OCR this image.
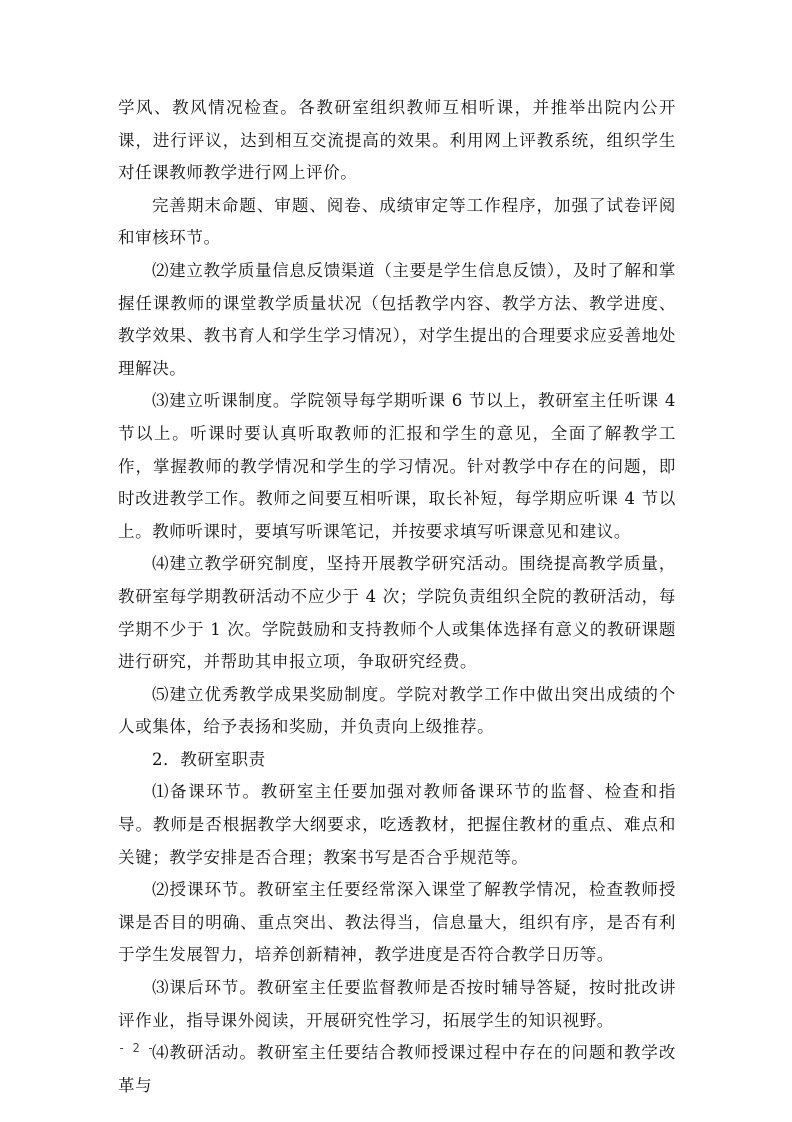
学风、教风情况检查。各教研室组织教师互相听课，并推举出院内公开课，进行评议，达到相互交流提高的效果。利用网上评教系统，组织学生对任课教师教学进行网上评价。

完善期末命题、审题、阅卷、成绩审定等工作程序，加强了试卷评阅和审核环节。

⑵建立教学质量信息反馈渠道（主要是学生信息反馈），及时了解和掌握任课教师的课堂教学质量状况（包括教学内容、教学方法、教学进度、教学效果、教书育人和学生学习情况），对学生提出的合理要求应妥善地处理解决。

⑶建立听课制度。学院领导每学期听课 6 节以上，教研室主任听课 4 节以上。听课时要认真听取教师的汇报和学生的意见，全面了解教学工作，掌握教师的教学情况和学生的学习情况。针对教学中存在的问题，即时改进教学工作。教师之间要互相听课，取长补短，每学期应听课 4 节以上。教师听课时，要填写听课笔记，并按要求填写听课意见和建议。

⑷建立教学研究制度，坚持开展教学研究活动。围绕提高教学质量，教研室每学期教研活动不应少于 4 次；学院负责组织全院的教研活动，每学期不少于 1 次。学院鼓励和支持教师个人或集体选择有意义的教研课题进行研究，并帮助其申报立项，争取研究经费。

⑸建立优秀教学成果奖励制度。学院对教学工作中做出突出成绩的个人或集体，给予表扬和奖励，并负责向上级推荐。

2．教研室职责

⑴备课环节。教研室主任要加强对教师备课环节的监督、检查和指导。教师是否根据教学大纲要求，吃透教材，把握住教材的重点、难点和关键；教学安排是否合理；教案书写是否合乎规范等。

⑵授课环节。教研室主任要经常深入课堂了解教学情况，检查教师授课是否目的明确、重点突出、教法得当，信息量大，组织有序，是否有利于学生发展智力，培养创新精神，教学进度是否符合教学日历等。

⑶课后环节。教研室主任要监督教师是否按时辅导答疑，按时批改讲评作业，指导课外阅读，开展研究性学习，拓展学生的知识视野。

⑷教研活动。教研室主任要结合教师授课过程中存在的问题和教学改革与

- 2 -
